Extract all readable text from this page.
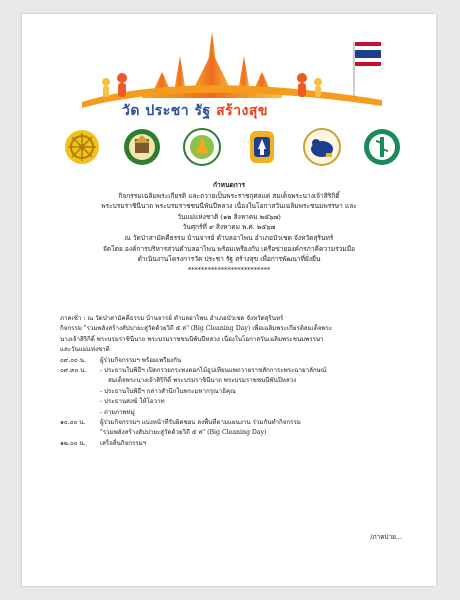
วัด ประชา รัฐ สร้างสุข
กำหนดการ
กิจกรรมเฉลิมพระเกียรติ และถวายเป็นพระราชกุศลแด่ สมเด็จพระนางเจ้าสิริกิติ์
พระบรมราชินีนาถ พระบรมราชชนนีพันปีหลวง เนื่องในโอกาสวันเฉลิมพระชนมพรรษา และ
วันแม่แห่งชาติ (๑๒ สิงหาคม ๒๕๖๗)
วันศุกร์ที่ ๙ สิงหาคม พ.ศ. ๒๕๖๗
ณ วัดป่าสามัคคีธรรม บ้านจารย์ ตำบลอาไพน อำเภอบัวเชด จังหวัดสุรินทร์
จัดโดย องค์การบริหารส่วนตำบลอาไพน พร้อมเพรียงกับ เครือข่ายองค์กรภาคีความร่วมมือ
ดำเนินงานโครงการวัด ประชา รัฐ สร้างสุข เพื่อการพัฒนาที่ยั่งยืน
*************************
ภาคเช้า : ณ วัดป่าสามัคคีธรรม บ้านจารย์ ตำบลอาไพน อำเภอบัวเชด จังหวัดสุรินทร์
กิจกรรม "รวมพลังสร้างสัปปายะสู่วัดด้วยวิถี ๕ ส" (Big Cleaning Day) เพื่อเฉลิมพระเกียรติสมเด็จพระ
นางเจ้าสิริกิติ์ พระบรมราชินีนาถ พระบรมราชชนนีพันปีหลวง เนื่องในโอกาสวันเฉลิมพระชนมพรรษา
และวันแม่แห่งชาติ
๐๙.๐๐ น.	ผู้ร่วมกิจกรรมฯ พร้อมเพรียงกัน
๐๙.๓๐ น.	- ประธานในพิธีฯ เปิดกรวยกระทงดอกไม้ธูปเทียนแพถวายราชสักการะพระฉายาลักษณ์
สมเด็จพระนางเจ้าสิริกิติ์ พระบรมราชินีนาถ พระบรมราชชนนีพันปีหลวง
- ประธานในพิธีฯ กล่าวสำนึกในพระมหากรุณาธิคุณ
- ประธานสงฆ์ ให้โอวาท
- ถ่ายภาพหมู่
๑๐.๐๐ น.	ผู้ร่วมกิจกรรมฯ แบ่งหน้าที่รับผิดชอบ ลงพื้นที่ตามแผนงาน ร่วมกันทำกิจกรรม
"รวมพลังสร้างสัปปายะสู่วัดด้วยวิถี ๕ ส" (Big Cleaning Day)
๑๒.๐๐ น.	เสร็จสิ้นกิจกรรมฯ
/ภาคบ่าย...
